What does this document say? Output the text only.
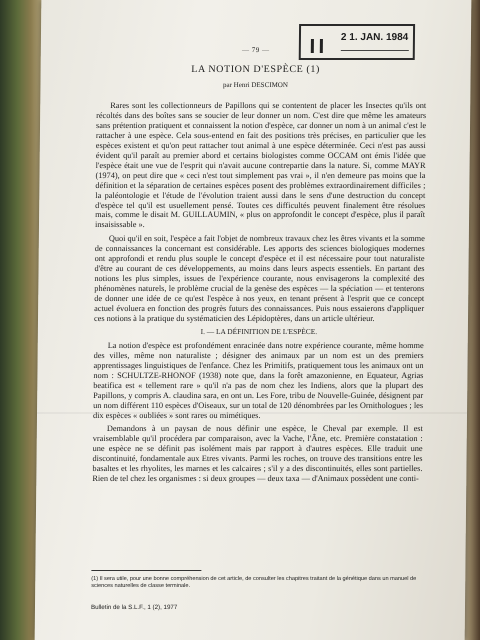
— 79 —
2 1. JAN. 1984
LA NOTION D'ESPÈCE (1)
par Henri DESCIMON

Rares sont les collectionneurs de Papillons qui se contentent de placer les Insectes qu'ils ont récoltés dans des boîtes sans se soucier de leur donner un nom. C'est dire que même les amateurs sans prétention pratiquent et connaissent la notion d'espèce, car donner un nom à un animal c'est le rattacher à une espèce. Cela sous-entend en fait des positions très précises, en particulier que les espèces existent et qu'on peut rattacher tout animal à une espèce déterminée. Ceci n'est pas aussi évident qu'il paraît au premier abord et certains biologistes comme OCCAM ont émis l'idée que l'espèce était une vue de l'esprit qui n'avait aucune contrepartie dans la nature. Si, comme MAYR (1974), on peut dire que « ceci n'est tout simplement pas vrai », il n'en demeure pas moins que la définition et la séparation de certaines espèces posent des problèmes extraordinairement difficiles ; la paléontologie et l'étude de l'évolution traient aussi dans le sens d'une destruction du concept d'espèce tel qu'il est usuellement pensé. Toutes ces difficultés peuvent finalement être résolues mais, comme le disait M. GUILLAUMIN, « plus on approfondit le concept d'espèce, plus il paraît insaisissable ».

Quoi qu'il en soit, l'espèce a fait l'objet de nombreux travaux chez les êtres vivants et la somme de connaissances la concernant est considérable. Les apports des sciences biologiques modernes ont approfondi et rendu plus souple le concept d'espèce et il est nécessaire pour tout naturaliste d'être au courant de ces développements, au moins dans leurs aspects essentiels. En partant des notions les plus simples, issues de l'expérience courante, nous envisagerons la complexité des phénomènes naturels, le problème crucial de la genèse des espèces — la spéciation — et tenterons de donner une idée de ce qu'est l'espèce à nos yeux, en tenant présent à l'esprit que ce concept actuel évoluera en fonction des progrès futurs des connaissances. Puis nous essaierons d'appliquer ces notions à la pratique du systématicien des Lépidoptères, dans un article ultérieur.

I. — LA DÉFINITION DE L'ESPÈCE.

La notion d'espèce est profondément enracinée dans notre expérience courante, même homme des villes, même non naturaliste ; désigner des animaux par un nom est un des premiers apprentissages linguistiques de l'enfance. Chez les Primitifs, pratiquement tous les animaux ont un nom : SCHULTZE-RHONOF (1938) note que, dans la forêt amazonienne, en Equateur, Agrias beatifica est « tellement rare » qu'il n'a pas de nom chez les Indiens, alors que la plupart des Papillons, y compris A. claudina sara, en ont un. Les Fore, tribu de Nouvelle-Guinée, désignent par un nom différent 110 espèces d'Oiseaux, sur un total de 120 dénombrées par les Ornithologues ; les dix espèces « oubliées » sont rares ou mimétiques.

Demandons à un paysan de nous définir une espèce, le Cheval par exemple. Il est vraisemblable qu'il procédera par comparaison, avec la Vache, l'Âne, etc. Première constatation : une espèce ne se définit pas isolément mais par rapport à d'autres espèces. Elle traduit une discontinuité, fondamentale aux Etres vivants. Parmi les roches, on trouve des transitions entre les basaltes et les rhyolites, les marnes et les calcaires ; s'il y a des discontinuités, elles sont partielles. Rien de tel chez les organismes : si deux groupes — deux taxa — d'Animaux possèdent une conti-

(1) Il sera utile, pour une bonne compréhension de cet article, de consulter les chapitres traitant de la génétique dans un manuel de sciences naturelles de classe terminale.
Bulletin de la S.L.F., 1 (2), 1977
